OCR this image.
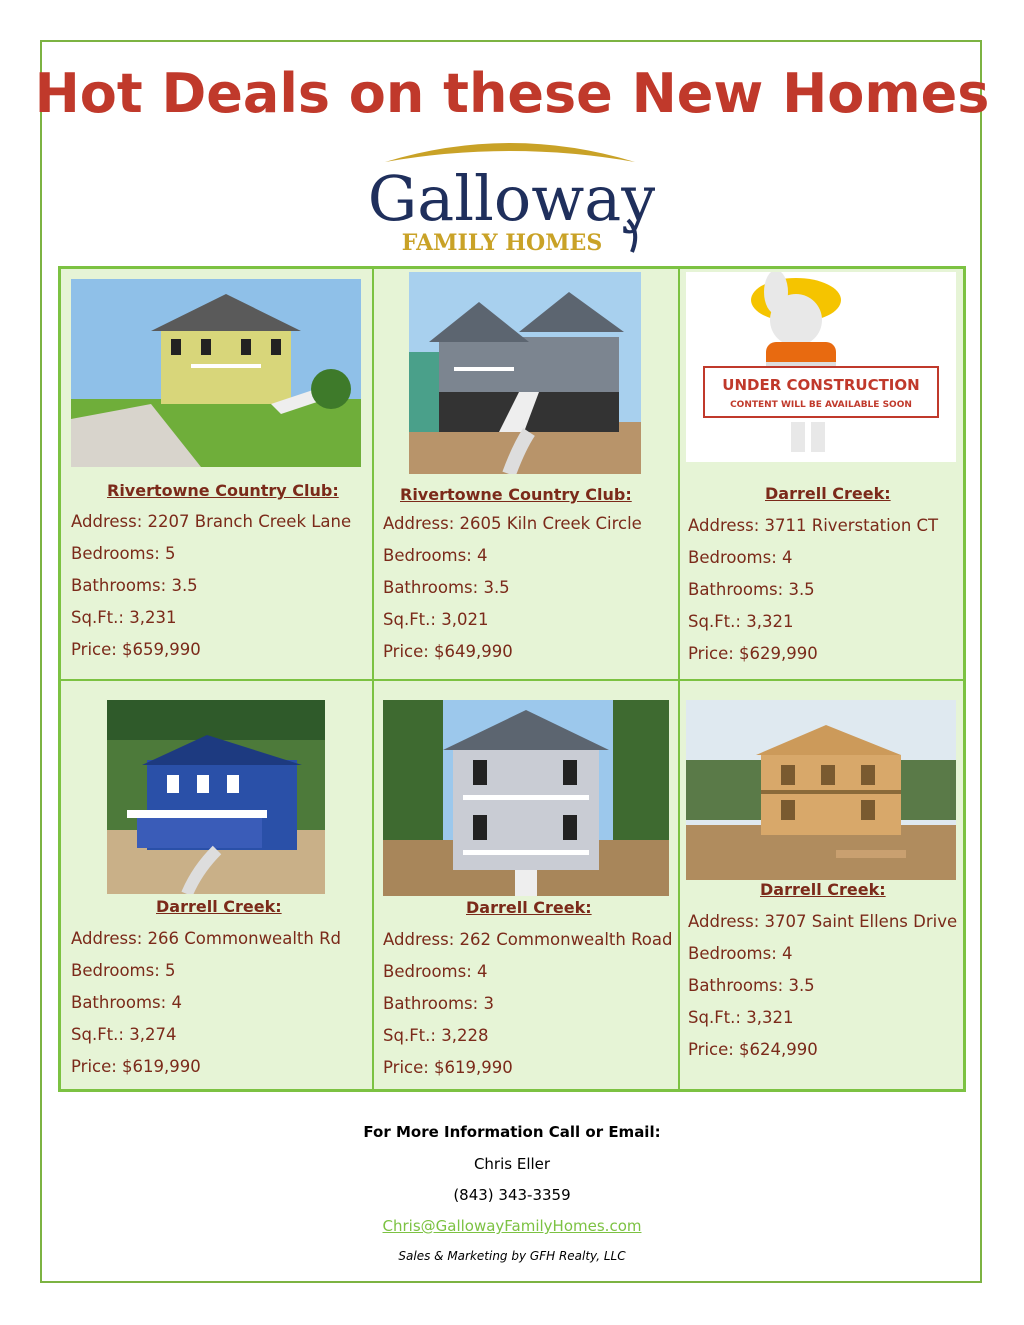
Hot Deals on these New Homes
Galloway
FAMILY HOMES
Rivertowne Country Club:
Address: 2207 Branch Creek Lane
Bedrooms: 5
Bathrooms: 3.5
Sq.Ft.: 3,231
Price: $659,990
Rivertowne Country Club:
Address: 2605 Kiln Creek Circle
Bedrooms: 4
Bathrooms: 3.5
Sq.Ft.: 3,021
Price: $649,990
UNDER CONSTRUCTION
CONTENT WILL BE AVAILABLE SOON
Darrell Creek:
Address: 3711 Riverstation CT
Bedrooms: 4
Bathrooms: 3.5
Sq.Ft.: 3,321
Price: $629,990
Darrell Creek:
Address: 266 Commonwealth Rd
Bedrooms: 5
Bathrooms: 4
Sq.Ft.: 3,274
Price: $619,990
Darrell Creek:
Address: 262 Commonwealth Road
Bedrooms: 4
Bathrooms: 3
Sq.Ft.: 3,228
Price: $619,990
Darrell Creek:
Address: 3707 Saint Ellens Drive
Bedrooms: 4
Bathrooms: 3.5
Sq.Ft.: 3,321
Price: $624,990
For More Information Call or Email:
Chris Eller
(843) 343-3359
Chris@GallowayFamilyHomes.com
Sales & Marketing by GFH Realty, LLC
